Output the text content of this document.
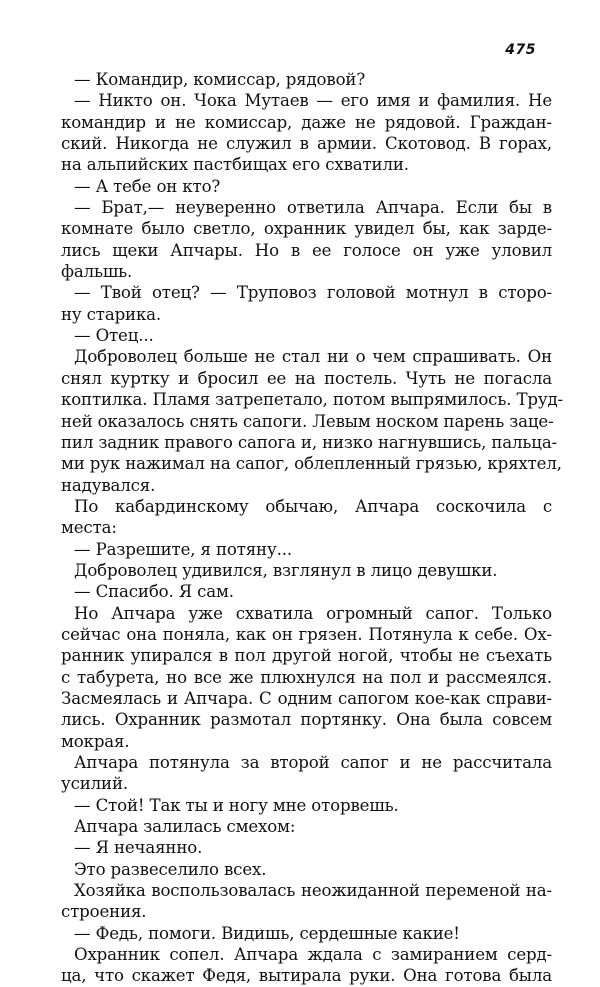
475
— Командир, комиссар, рядовой?
— Никто он. Чока Мутаев — его имя и фамилия. Не
командир и не комиссар, даже не рядовой. Граждан-
ский. Никогда не служил в армии. Скотовод. В горах,
на альпийских пастбищах его схватили.
— А тебе он кто?
— Брат,— неуверенно ответила Апчара. Если бы в
комнате было светло, охранник увидел бы, как зарде-
лись щеки Апчары. Но в ее голосе он уже уловил
фальшь.
— Твой отец? — Труповоз головой мотнул в сторо-
ну старика.
— Отец...
Доброволец больше не стал ни о чем спрашивать. Он
снял куртку и бросил ее на постель. Чуть не погасла
коптилка. Пламя затрепетало, потом выпрямилось. Труд-
ней оказалось снять сапоги. Левым носком парень заце-
пил задник правого сапога и, низко нагнувшись, пальца-
ми рук нажимал на сапог, облепленный грязью, кряхтел,
надувался.
По кабардинскому обычаю, Апчара соскочила с
места:
— Разрешите, я потяну...
Доброволец удивился, взглянул в лицо девушки.
— Спасибо. Я сам.
Но Апчара уже схватила огромный сапог. Только
сейчас она поняла, как он грязен. Потянула к себе. Ох-
ранник упирался в пол другой ногой, чтобы не съехать
с табурета, но все же плюхнулся на пол и рассмеялся.
Засмеялась и Апчара. С одним сапогом кое-как справи-
лись. Охранник размотал портянку. Она была совсем
мокрая.
Апчара потянула за второй сапог и не рассчитала
усилий.
— Стой! Так ты и ногу мне оторвешь.
Апчара залилась смехом:
— Я нечаянно.
Это развеселило всех.
Хозяйка воспользовалась неожиданной переменой на-
строения.
— Федь, помоги. Видишь, сердешные какие!
Охранник сопел. Апчара ждала с замиранием серд-
ца, что скажет Федя, вытирала руки. Она готова была
